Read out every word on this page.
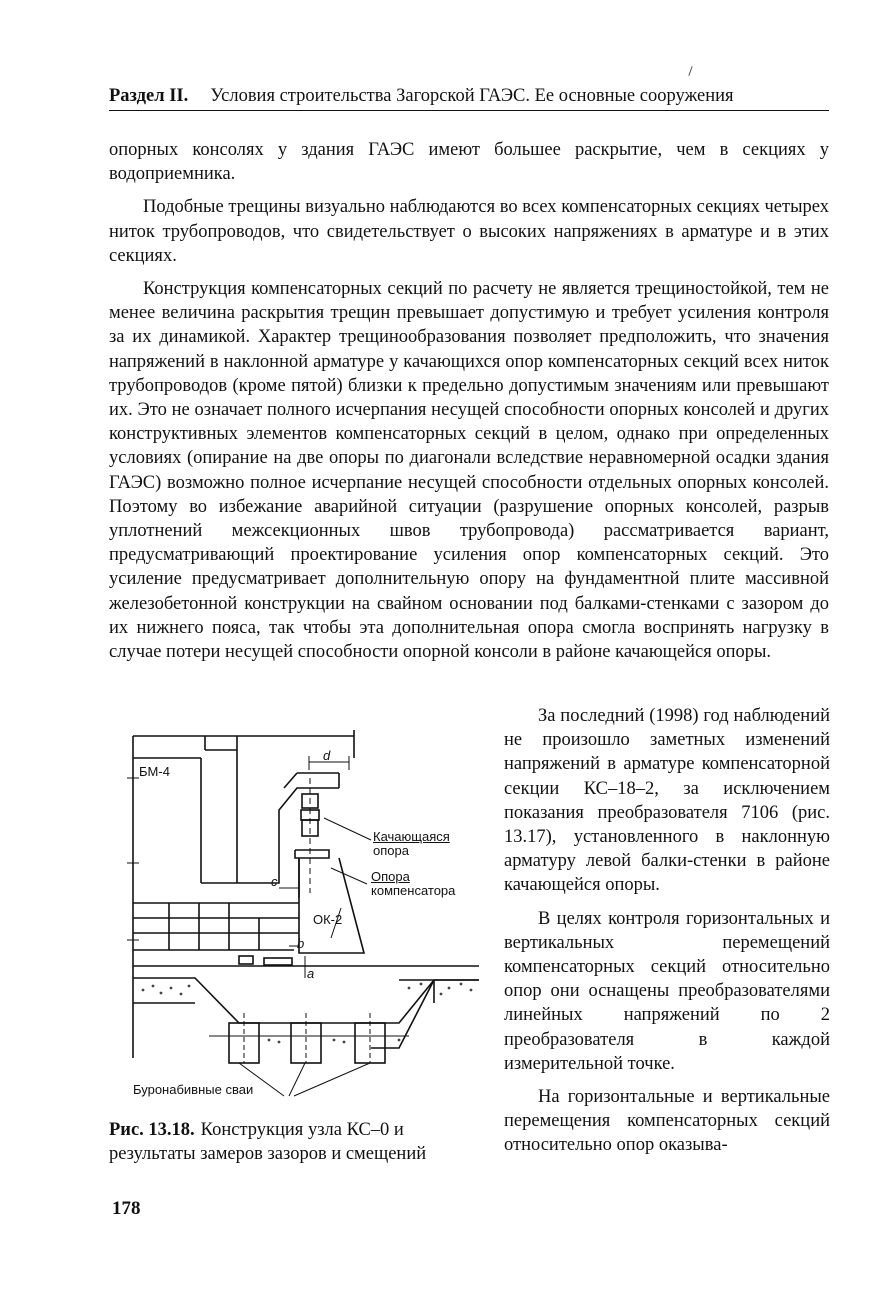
Раздел II. Условия строительства Загорской ГАЭС. Ее основные сооружения

опорных консолях у здания ГАЭС имеют большее раскрытие, чем в секциях у водоприемника.

Подобные трещины визуально наблюдаются во всех компенсаторных секциях четырех ниток трубопроводов, что свидетельствует о высоких напряжениях в арматуре и в этих секциях.

Конструкция компенсаторных секций по расчету не является трещиностойкой, тем не менее величина раскрытия трещин превышает допустимую и требует усиления контроля за их динамикой. Характер трещинообразования позволяет предположить, что значения напряжений в наклонной арматуре у качающихся опор компенсаторных секций всех ниток трубопроводов (кроме пятой) близки к предельно допустимым значениям или превышают их. Это не означает полного исчерпания несущей способности опорных консолей и других конструктивных элементов компенсаторных секций в целом, однако при определенных условиях (опирание на две опоры по диагонали вследствие неравномерной осадки здания ГАЭС) возможно полное исчерпание несущей способности отдельных опорных консолей. Поэтому во избежание аварийной ситуации (разрушение опорных консолей, разрыв уплотнений межсекционных швов трубопровода) рассматривается вариант, предусматривающий проектирование усиления опор компенсаторных секций. Это усиление предусматривает дополнительную опору на фундаментной плите массивной железобетонной конструкции на свайном основании под балками-стенками с зазором до их нижнего пояса, так чтобы эта дополнительная опора смогла воспринять нагрузку в случае потери несущей способности опорной консоли в районе качающейся опоры.

БМ-4
d
Качающаяся
опора
Опора
компенсатора
c
ОК-2
b
a
Буронабивные сваи

За последний (1998) год наблюдений не произошло заметных изменений напряжений в арматуре компенсаторной секции КС–18–2, за исключением показания преобразователя 7106 (рис. 13.17), установленного в наклонную арматуру левой балки-стенки в районе качающейся опоры.

В целях контроля горизонтальных и вертикальных перемещений компенсаторных секций относительно опор они оснащены преобразователями линейных напряжений по 2 преобразователя в каждой измерительной точке.

На горизонтальные и вертикальные перемещения компенсаторных секций относительно опор оказыва-

Рис. 13.18. Конструкция узла КС–0 и результаты замеров зазоров и смещений
178
